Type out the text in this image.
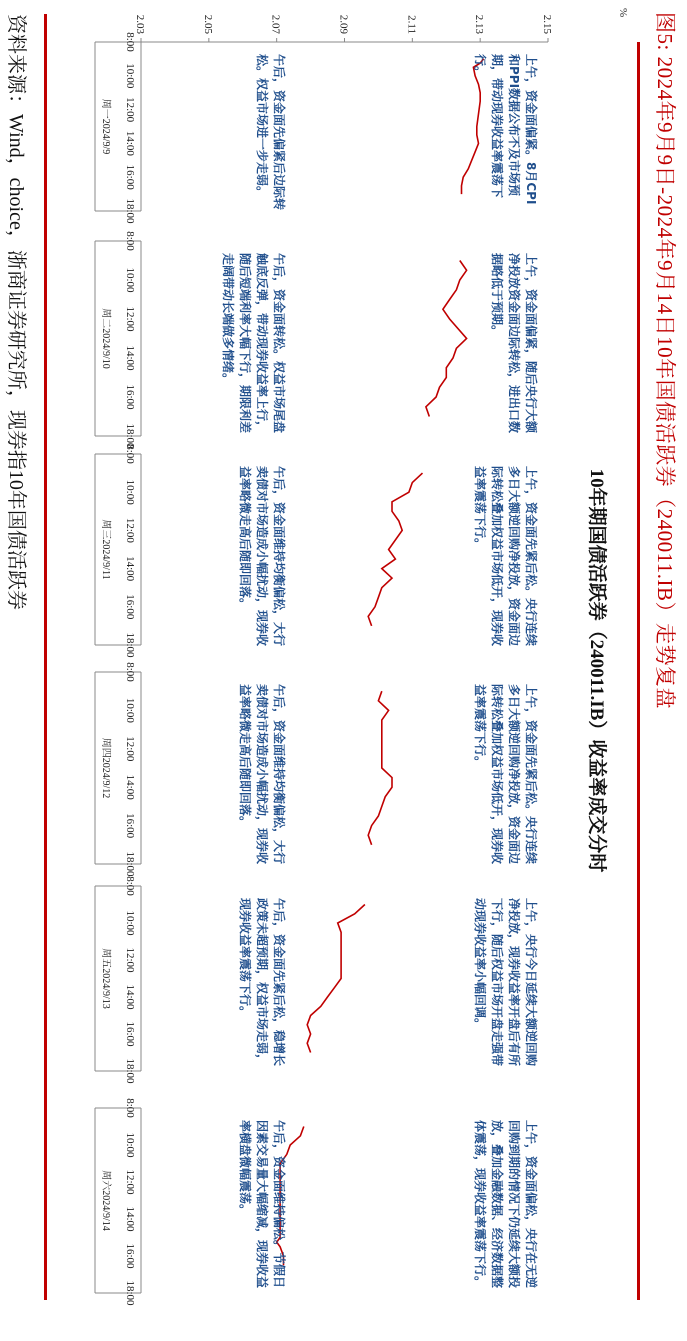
图5: 2024年9月9日-2024年9月14日10年国债活跃券（240011.IB）走势复盘
10年期国债活跃券（240011.IB）收益率成交分时
%
2.15
2.13
2.11
2.09
2.07
2.05
2.03
8:00
10:00
12:00
14:00
16:00
18:00
周一2024/9/9
8:00
10:00
12:00
14:00
16:00
18:00
周二2024/9/10
8:00
10:00
12:00
14:00
16:00
18:00
周三2024/9/11
8:00
10:00
12:00
14:00
16:00
18:00
周四2024/9/12
8:00
10:00
12:00
14:00
16:00
18:00
周五2024/9/13
8:00
10:00
12:00
14:00
16:00
18:00
周六2024/9/14
上午，资金面偏紧。8月CPI和PPI数据公布不及市场预期，带动现券收益率震荡下行。
午后，资金面先偏紧后边际转松。权益市场进一步走弱。
上午，资金面偏紧，随后央行大额净投放资金面边际转松，进出口数据略低于预期。
午后，资金面转松。权益市场尾盘触底反弹，带动现券收益率上行，随后短端利率大幅下行，期限利差走阔带动长端做多情绪。
上午，资金面先紧后松。央行连续多日大额逆回购净投放，资金面边际转松叠加权益市场低开，现券收益率震荡下行。
午后，资金面维持均衡偏松，大行卖债对市场造成小幅扰动，现券收益率略微走高后随即回落。
上午，资金面先紧后松。央行连续多日大额逆回购净投放，资金面边际转松叠加权益市场低开，现券收益率震荡下行。
午后，资金面维持均衡偏松，大行卖债对市场造成小幅扰动，现券收益率略微走高后随即回落。
上午，央行今日延续大额逆回购净投放，现券收益率开盘后有所下行，随后权益市场开盘走强带动现券收益率小幅回调。
午后，资金面先紧后松，稳增长政策未超预期，权益市场走弱，现券收益率震荡下行。
上午，资金面偏松，央行在无逆回购到期的情况下仍延续大额投放，叠加金融数据、经济数据整体震荡，现券收益率震荡下行。
午后，资金面维持偏松。节假日因素交易量大幅缩减，现券收益率横盘微幅震荡。
资料来源：Wind，choice，浙商证券研究所，现券指10年国债活跃券
